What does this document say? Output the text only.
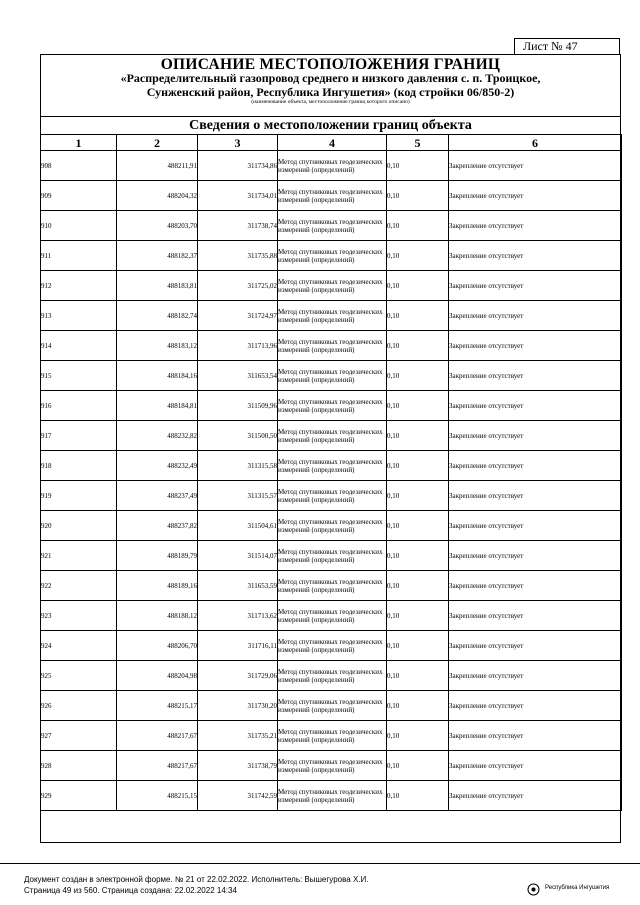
Лист № 47
ОПИСАНИЕ МЕСТОПОЛОЖЕНИЯ ГРАНИЦ
«Распределительный газопровод среднего и низкого давления с. п. Троицкое,
Сунженский район, Республика Ингушетия» (код стройки 06/850-2)
(наименование объекта, местоположение границ которого описано)
Сведения о местоположении границ объекта
1	2	3	4	5	6
908	488211,91	311734,86	Метод спутниковых геодезических измерений (определений)	0,10	Закрепление отсутствует
909	488204,32	311734,01	Метод спутниковых геодезических измерений (определений)	0,10	Закрепление отсутствует
910	488203,70	311738,74	Метод спутниковых геодезических измерений (определений)	0,10	Закрепление отсутствует
911	488182,37	311735,88	Метод спутниковых геодезических измерений (определений)	0,10	Закрепление отсутствует
912	488183,81	311725,02	Метод спутниковых геодезических измерений (определений)	0,10	Закрепление отсутствует
913	488182,74	311724,97	Метод спутниковых геодезических измерений (определений)	0,10	Закрепление отсутствует
914	488183,12	311713,96	Метод спутниковых геодезических измерений (определений)	0,10	Закрепление отсутствует
915	488184,16	311653,54	Метод спутниковых геодезических измерений (определений)	0,10	Закрепление отсутствует
916	488184,81	311509,96	Метод спутниковых геодезических измерений (определений)	0,10	Закрепление отсутствует
917	488232,82	311500,50	Метод спутниковых геодезических измерений (определений)	0,10	Закрепление отсутствует
918	488232,49	311315,58	Метод спутниковых геодезических измерений (определений)	0,10	Закрепление отсутствует
919	488237,49	311315,57	Метод спутниковых геодезических измерений (определений)	0,10	Закрепление отсутствует
920	488237,82	311504,61	Метод спутниковых геодезических измерений (определений)	0,10	Закрепление отсутствует
921	488189,79	311514,07	Метод спутниковых геодезических измерений (определений)	0,10	Закрепление отсутствует
922	488189,16	311653,59	Метод спутниковых геодезических измерений (определений)	0,10	Закрепление отсутствует
923	488188,12	311713,62	Метод спутниковых геодезических измерений (определений)	0,10	Закрепление отсутствует
924	488206,70	311716,11	Метод спутниковых геодезических измерений (определений)	0,10	Закрепление отсутствует
925	488204,98	311729,06	Метод спутниковых геодезических измерений (определений)	0,10	Закрепление отсутствует
926	488215,17	311730,20	Метод спутниковых геодезических измерений (определений)	0,10	Закрепление отсутствует
927	488217,67	311735,21	Метод спутниковых геодезических измерений (определений)	0,10	Закрепление отсутствует
928	488217,67	311738,79	Метод спутниковых геодезических измерений (определений)	0,10	Закрепление отсутствует
929	488215,15	311742,59	Метод спутниковых геодезических измерений (определений)	0,10	Закрепление отсутствует
Документ создан в электронной форме. № 21 от 22.02.2022. Исполнитель: Вышегурова Х.И.
Страница 49 из 560. Страница создана: 22.02.2022 14:34	Республика Ингушетия
